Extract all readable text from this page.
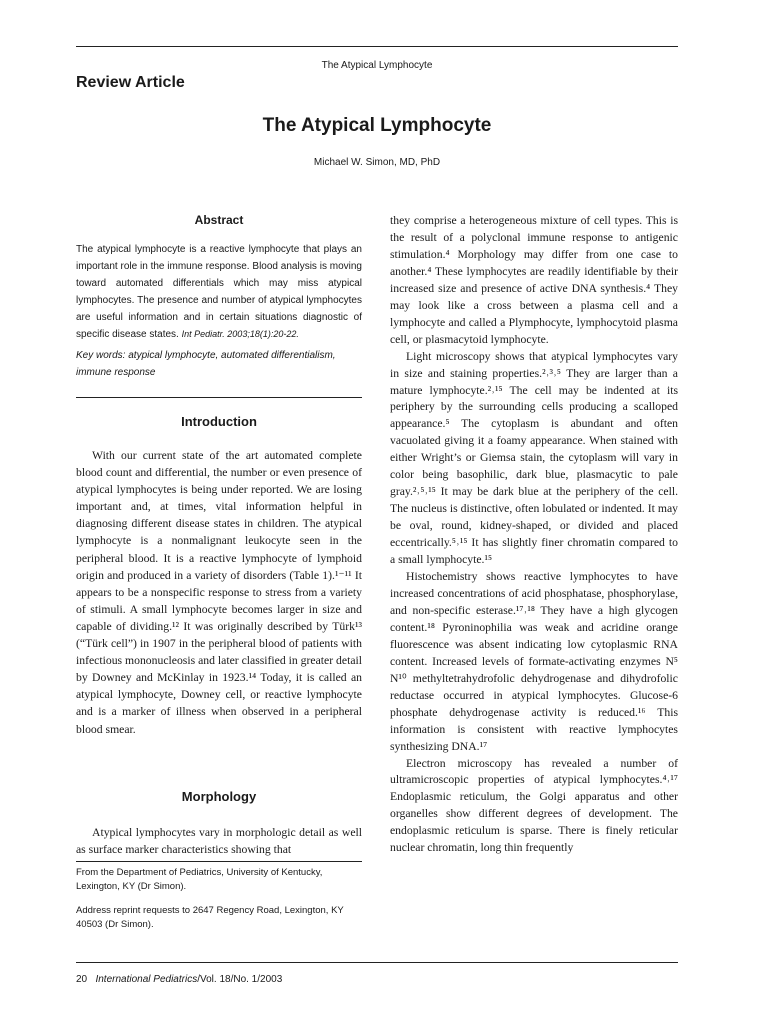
The Atypical Lymphocyte
Review Article
The Atypical Lymphocyte
Michael W. Simon, MD, PhD
Abstract
The atypical lymphocyte is a reactive lymphocyte that plays an important role in the immune response. Blood analysis is moving toward automated differentials which may miss atypical lymphocytes. The presence and number of atypical lymphocytes are useful information and in certain situations diagnostic of specific disease states. Int Pediatr. 2003;18(1):20-22.
Key words: atypical lymphocyte, automated differentialism, immune response
Introduction

With our current state of the art automated complete blood count and differential, the number or even presence of atypical lymphocytes is being under reported. We are losing important and, at times, vital information helpful in diagnosing different disease states in children. The atypical lymphocyte is a nonmalignant leukocyte seen in the peripheral blood. It is a reactive lymphocyte of lymphoid origin and produced in a variety of disorders (Table 1).¹⁻¹¹ It appears to be a nonspecific response to stress from a variety of stimuli. A small lymphocyte becomes larger in size and capable of dividing.¹² It was originally described by Türk¹³ (“Türk cell”) in 1907 in the peripheral blood of patients with infectious mononucleosis and later classified in greater detail by Downey and McKinlay in 1923.¹⁴ Today, it is called an atypical lymphocyte, Downey cell, or reactive lymphocyte and is a marker of illness when observed in a peripheral blood smear.

Morphology

Atypical lymphocytes vary in morphologic detail as well as surface marker characteristics showing that

From the Department of Pediatrics, University of Kentucky, Lexington, KY (Dr Simon).
Address reprint requests to 2647 Regency Road, Lexington, KY 40503 (Dr Simon).

they comprise a heterogeneous mixture of cell types. This is the result of a polyclonal immune response to antigenic stimulation.⁴ Morphology may differ from one case to another.⁴ These lymphocytes are readily identifiable by their increased size and presence of active DNA synthesis.⁴ They may look like a cross between a plasma cell and a lymphocyte and called a Plymphocyte, lymphocytoid plasma cell, or plasmacytoid lymphocyte.

Light microscopy shows that atypical lymphocytes vary in size and staining properties.²˒³˒⁵ They are larger than a mature lymphocyte.²˒¹⁵ The cell may be indented at its periphery by the surrounding cells producing a scalloped appearance.⁵ The cytoplasm is abundant and often vacuolated giving it a foamy appearance. When stained with either Wright’s or Giemsa stain, the cytoplasm will vary in color being basophilic, dark blue, plasmacytic to pale gray.²˒⁵˒¹⁵ It may be dark blue at the periphery of the cell. The nucleus is distinctive, often lobulated or indented. It may be oval, round, kidney-shaped, or divided and placed eccentrically.⁵˒¹⁵ It has slightly finer chromatin compared to a small lymphocyte.¹⁵

Histochemistry shows reactive lymphocytes to have increased concentrations of acid phosphatase, phosphorylase, and non-specific esterase.¹⁷˒¹⁸ They have a high glycogen content.¹⁸ Pyroninophilia was weak and acridine orange fluorescence was absent indicating low cytoplasmic RNA content. Increased levels of formate-activating enzymes N⁵ N¹⁰ methyltetrahydrofolic dehydrogenase and dihydrofolic reductase occurred in atypical lymphocytes. Glucose-6 phosphate dehydrogenase activity is reduced.¹⁶ This information is consistent with reactive lymphocytes synthesizing DNA.¹⁷

Electron microscopy has revealed a number of ultramicroscopic properties of atypical lymphocytes.⁴˒¹⁷ Endoplasmic reticulum, the Golgi apparatus and other organelles show different degrees of development. The endoplasmic reticulum is sparse. There is finely reticular nuclear chromatin, long thin frequently

20 International Pediatrics/Vol. 18/No. 1/2003
